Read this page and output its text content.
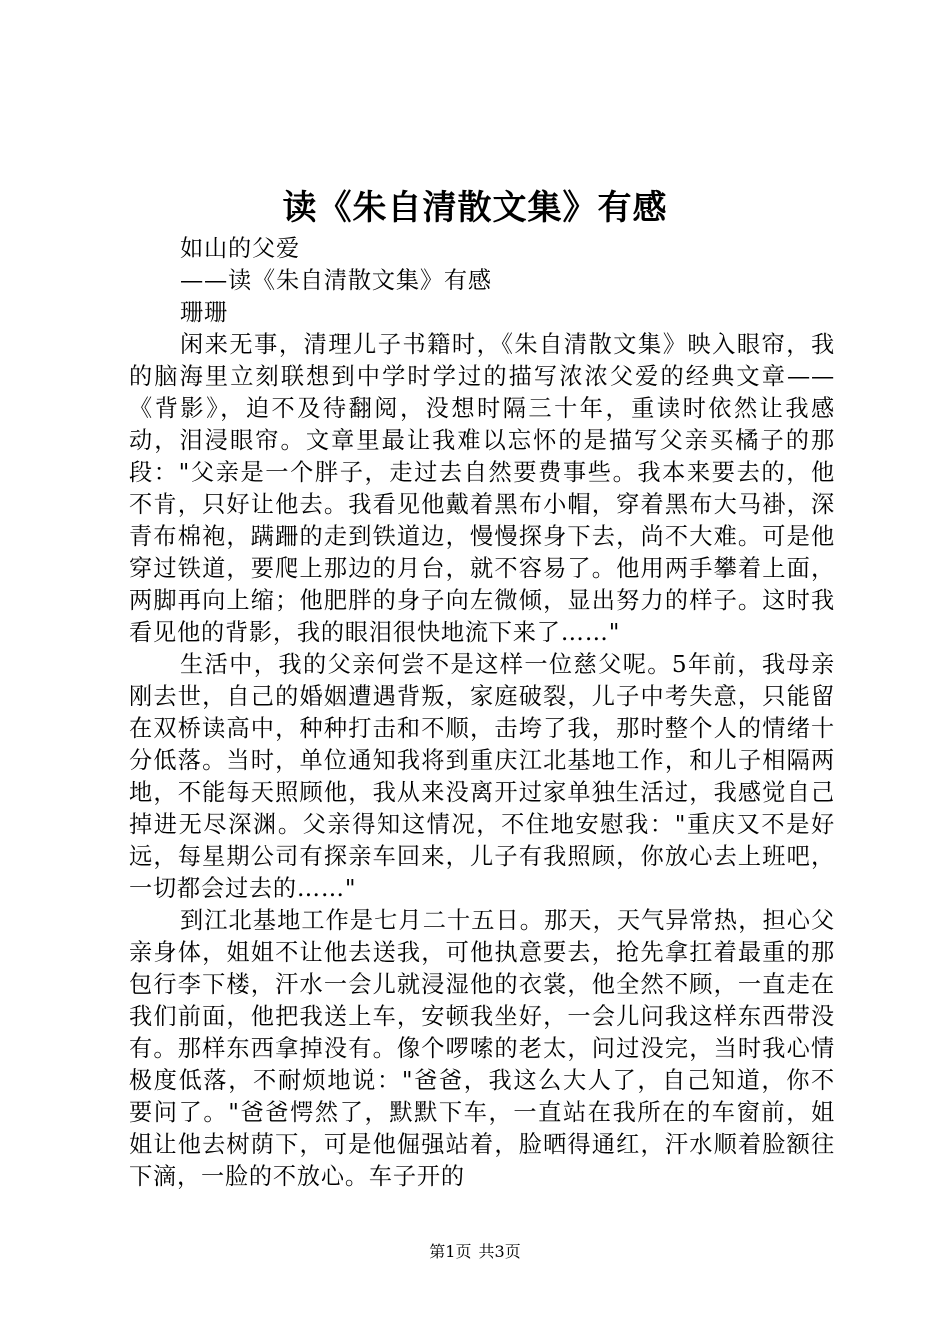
读《朱自清散文集》有感

如山的父爱

——读《朱自清散文集》有感

珊珊

闲来无事，清理儿子书籍时，《朱自清散文集》映入眼帘，我的脑海里立刻联想到中学时学过的描写浓浓父爱的经典文章——《背影》，迫不及待翻阅，没想时隔三十年，重读时依然让我感动，泪浸眼帘。文章里最让我难以忘怀的是描写父亲买橘子的那段："父亲是一个胖子，走过去自然要费事些。我本来要去的，他不肯，只好让他去。我看见他戴着黑布小帽，穿着黑布大马褂，深青布棉袍，蹒跚的走到铁道边，慢慢探身下去，尚不大难。可是他穿过铁道，要爬上那边的月台，就不容易了。他用两手攀着上面，两脚再向上缩；他肥胖的身子向左微倾，显出努力的样子。这时我看见他的背影，我的眼泪很快地流下来了……"

生活中，我的父亲何尝不是这样一位慈父呢。5年前，我母亲刚去世，自己的婚姻遭遇背叛，家庭破裂，儿子中考失意，只能留在双桥读高中，种种打击和不顺，击垮了我，那时整个人的情绪十分低落。当时，单位通知我将到重庆江北基地工作，和儿子相隔两地，不能每天照顾他，我从来没离开过家单独生活过，我感觉自己掉进无尽深渊。父亲得知这情况，不住地安慰我："重庆又不是好远，每星期公司有探亲车回来，儿子有我照顾，你放心去上班吧，一切都会过去的……"

到江北基地工作是七月二十五日。那天，天气异常热，担心父亲身体，姐姐不让他去送我，可他执意要去，抢先拿扛着最重的那包行李下楼，汗水一会儿就浸湿他的衣裳，他全然不顾，一直走在我们前面，他把我送上车，安顿我坐好，一会儿问我这样东西带没有。那样东西拿掉没有。像个啰嗦的老太，问过没完，当时我心情极度低落，不耐烦地说："爸爸，我这么大人了，自己知道，你不要问了。"爸爸愕然了，默默下车，一直站在我所在的车窗前，姐姐让他去树荫下，可是他倔强站着，脸晒得通红，汗水顺着脸额往下滴，一脸的不放心。车子开的

第1页 共3页
